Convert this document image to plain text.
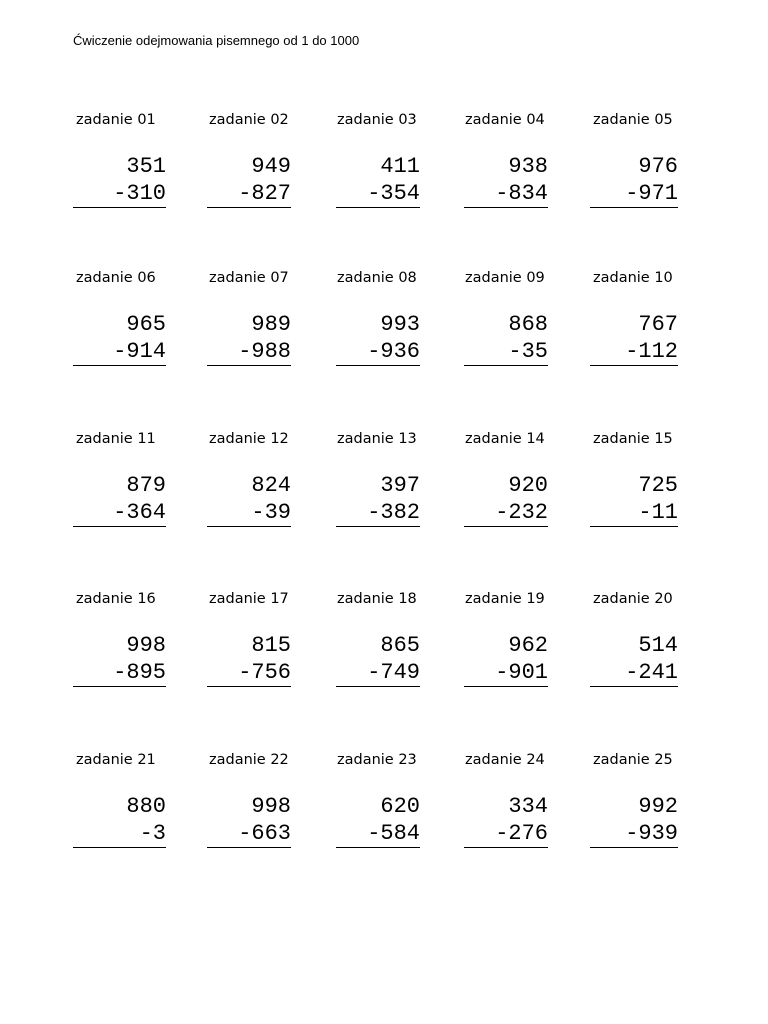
Ćwiczenie odejmowania pisemnego od 1 do 1000
zadanie 01
351
-310
zadanie 02
949
-827
zadanie 03
411
-354
zadanie 04
938
-834
zadanie 05
976
-971
zadanie 06
965
-914
zadanie 07
989
-988
zadanie 08
993
-936
zadanie 09
868
-35
zadanie 10
767
-112
zadanie 11
879
-364
zadanie 12
824
-39
zadanie 13
397
-382
zadanie 14
920
-232
zadanie 15
725
-11
zadanie 16
998
-895
zadanie 17
815
-756
zadanie 18
865
-749
zadanie 19
962
-901
zadanie 20
514
-241
zadanie 21
880
-3
zadanie 22
998
-663
zadanie 23
620
-584
zadanie 24
334
-276
zadanie 25
992
-939
